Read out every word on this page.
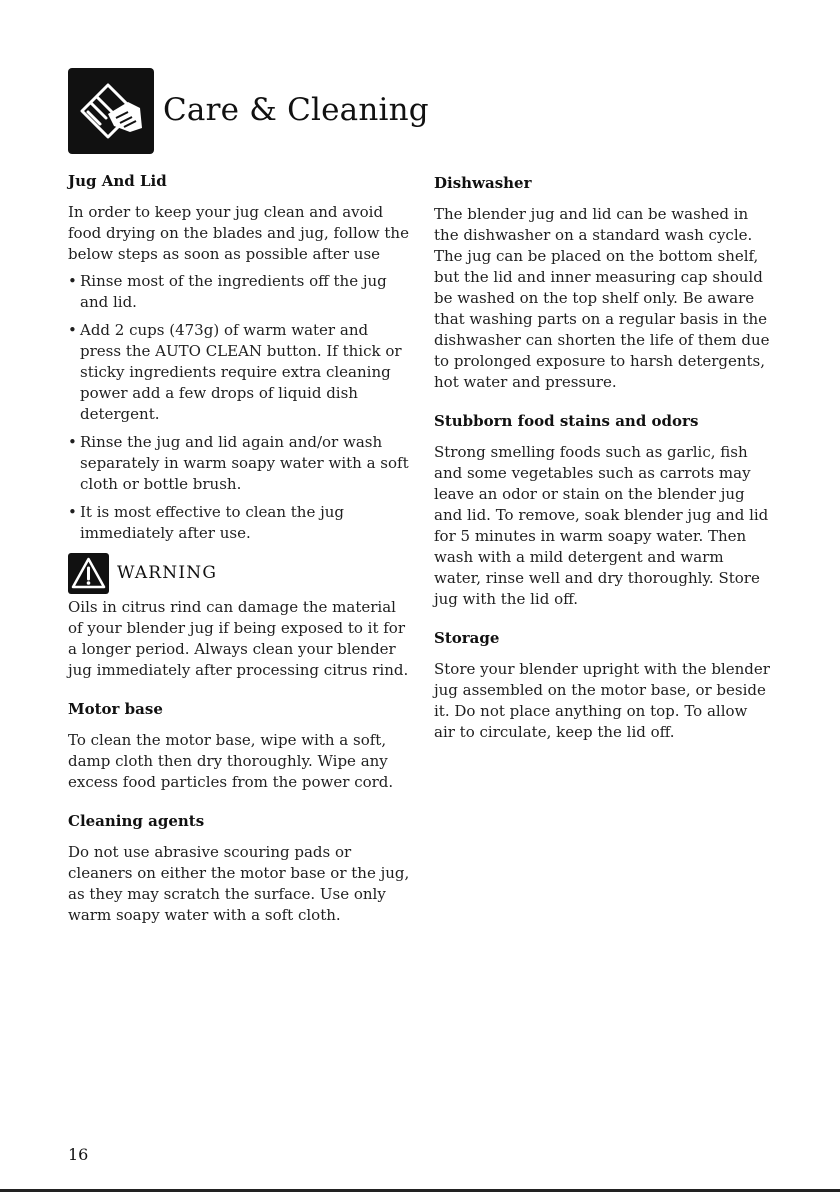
Care & Cleaning
Jug And Lid

In order to keep your jug clean and avoid food drying on the blades and jug, follow the below steps as soon as possible after use

• Rinse most of the ingredients off the jug and lid.
• Add 2 cups (473g) of warm water and press the AUTO CLEAN button. If thick or sticky ingredients require extra cleaning power add a few drops of liquid dish detergent.
• Rinse the jug and lid again and/or wash separately in warm soapy water with a soft cloth or bottle brush.
• It is most effective to clean the jug immediately after use.
WARNING

Oils in citrus rind can damage the material of your blender jug if being exposed to it for a longer period. Always clean your blender jug immediately after processing citrus rind.

Motor base

To clean the motor base, wipe with a soft, damp cloth then dry thoroughly. Wipe any excess food particles from the power cord.

Cleaning agents

Do not use abrasive scouring pads or cleaners on either the motor base or the jug, as they may scratch the surface. Use only warm soapy water with a soft cloth.

Dishwasher

The blender jug and lid can be washed in the dishwasher on a standard wash cycle. The jug can be placed on the bottom shelf, but the lid and inner measuring cap should be washed on the top shelf only. Be aware that washing parts on a regular basis in the dishwasher can shorten the life of them due to prolonged exposure to harsh detergents, hot water and pressure.

Stubborn food stains and odors

Strong smelling foods such as garlic, fish and some vegetables such as carrots may leave an odor or stain on the blender jug and lid. To remove, soak blender jug and lid for 5 minutes in warm soapy water. Then wash with a mild detergent and warm water, rinse well and dry thoroughly. Store jug with the lid off.

Storage

Store your blender upright with the blender jug assembled on the motor base, or beside it. Do not place anything on top. To allow air to circulate, keep the lid off.

16
